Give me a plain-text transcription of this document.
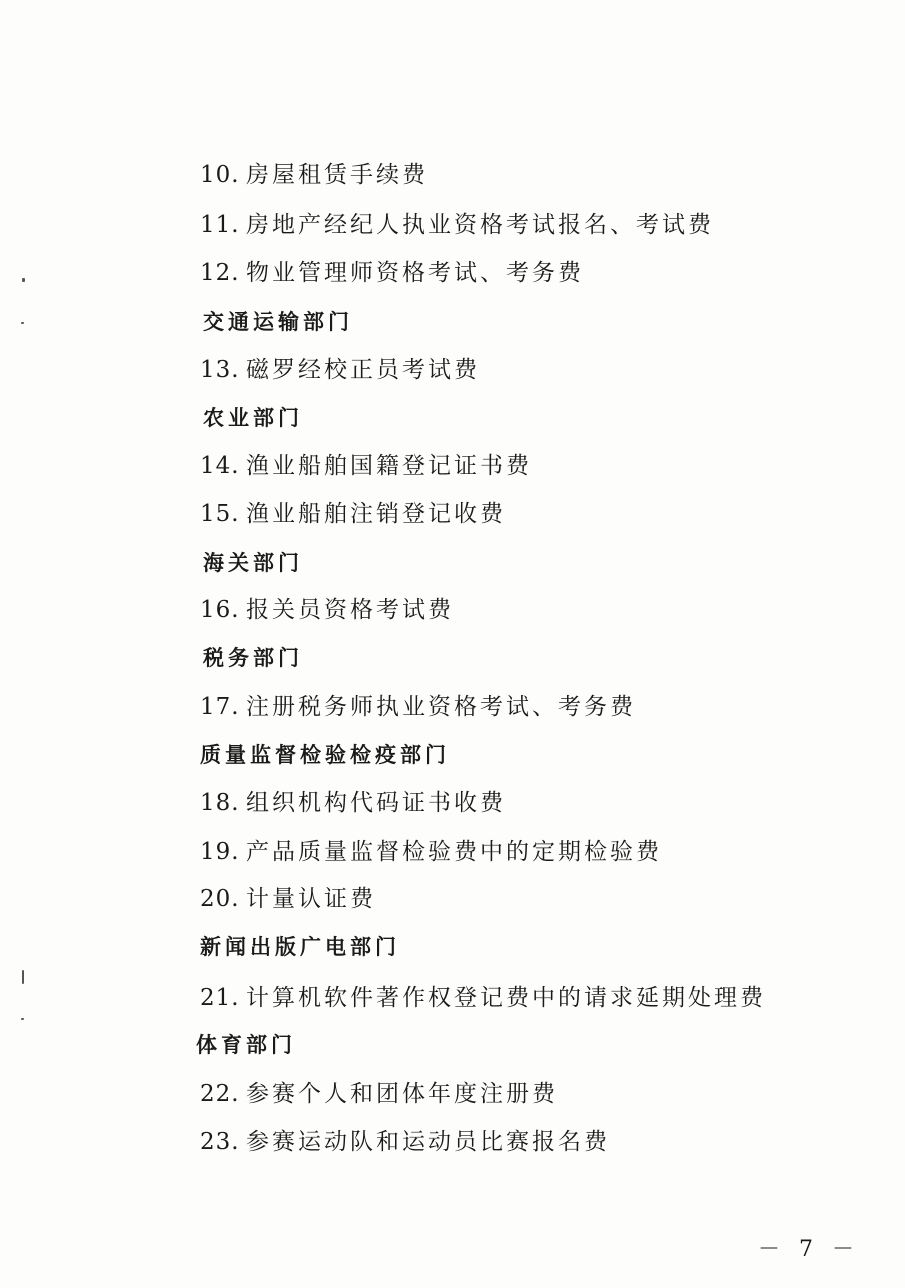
10. 房屋租赁手续费
11. 房地产经纪人执业资格考试报名、考试费
12. 物业管理师资格考试、考务费
交通运输部门
13. 磁罗经校正员考试费
农业部门
14. 渔业船舶国籍登记证书费
15. 渔业船舶注销登记收费
海关部门
16. 报关员资格考试费
税务部门
17. 注册税务师执业资格考试、考务费
质量监督检验检疫部门
18. 组织机构代码证书收费
19. 产品质量监督检验费中的定期检验费
20. 计量认证费
新闻出版广电部门
21. 计算机软件著作权登记费中的请求延期处理费
体育部门
22. 参赛个人和团体年度注册费
23. 参赛运动队和运动员比赛报名费
－ 7 －
